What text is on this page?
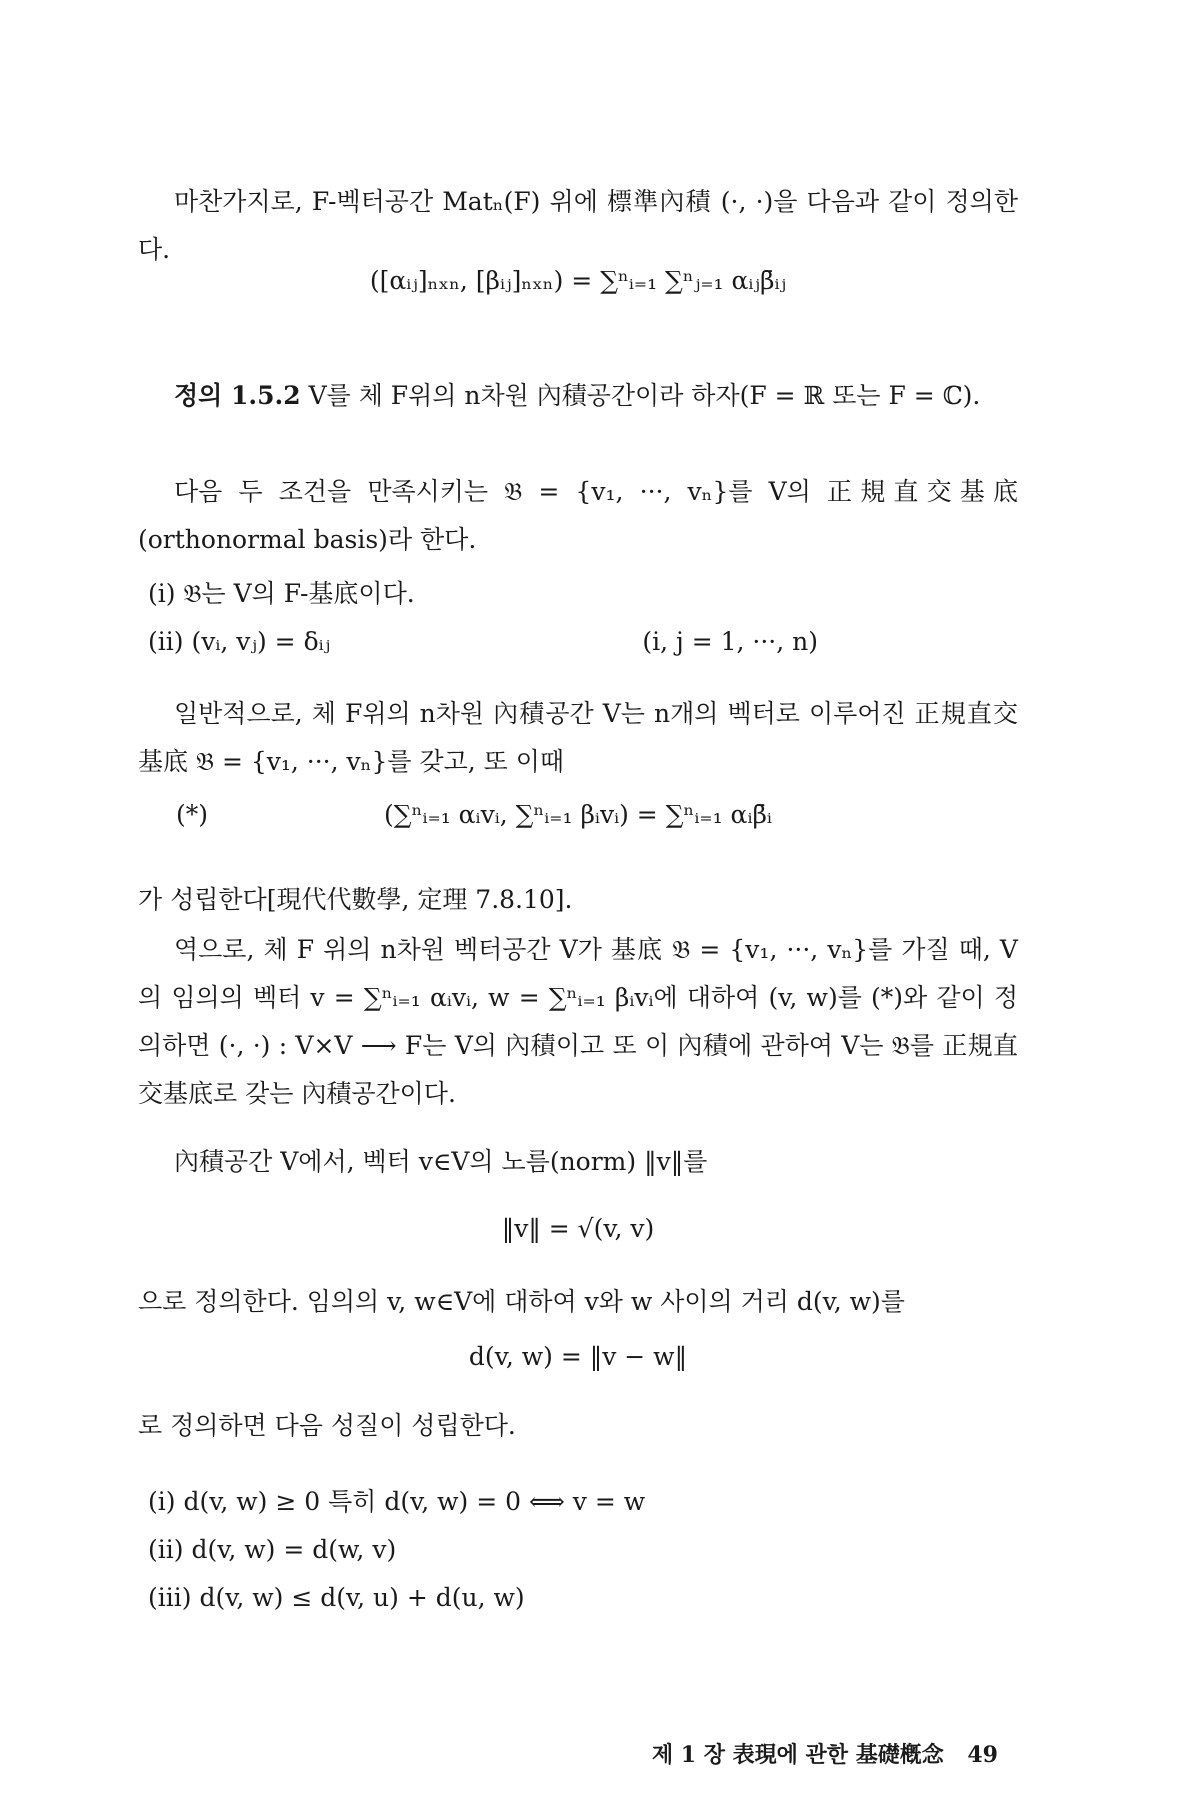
마찬가지로, F-벡터공간 Matₙ(F) 위에 標準內積 (·, ·)을 다음과 같이 정의한다.

([αᵢⱼ]ₙₓₙ, [βᵢⱼ]ₙₓₙ) = ∑ⁿᵢ₌₁ ∑ⁿⱼ₌₁ αᵢⱼβ̄ᵢⱼ

정의 1.5.2 V를 체 F위의 n차원 內積공간이라 하자(F = ℝ 또는 F = ℂ).

다음 두 조건을 만족시키는 𝔅 = {v₁, ···, vₙ}를 V의 正規直交基底(orthonormal basis)라 한다.

(i) 𝔅는 V의 F-基底이다.
(ii) (vᵢ, vⱼ) = δᵢⱼ	(i, j = 1, ···, n)

일반적으로, 체 F위의 n차원 內積공간 V는 n개의 벡터로 이루어진 正規直交基底 𝔅 = {v₁, ···, vₙ}를 갖고, 또 이때

(*)	(∑ⁿᵢ₌₁ αᵢvᵢ, ∑ⁿᵢ₌₁ βᵢvᵢ) = ∑ⁿᵢ₌₁ αᵢβ̄ᵢ

가 성립한다[現代代數學, 定理 7.8.10].

역으로, 체 F 위의 n차원 벡터공간 V가 基底 𝔅 = {v₁, ···, vₙ}를 가질 때, V의 임의의 벡터 v = ∑ⁿᵢ₌₁ αᵢvᵢ, w = ∑ⁿᵢ₌₁ βᵢvᵢ에 대하여 (v, w)를 (*)와 같이 정의하면 (·, ·) : V×V ⟶ F는 V의 內積이고 또 이 內積에 관하여 V는 𝔅를 正規直交基底로 갖는 內積공간이다.

內積공간 V에서, 벡터 v∈V의 노름(norm) ‖v‖를

‖v‖ = √(v, v)

으로 정의한다. 임의의 v, w∈V에 대하여 v와 w 사이의 거리 d(v, w)를

d(v, w) = ‖v − w‖

로 정의하면 다음 성질이 성립한다.

(i) d(v, w) ≥ 0 특히 d(v, w) = 0 ⟺ v = w
(ii) d(v, w) = d(w, v)
(iii) d(v, w) ≤ d(v, u) + d(u, w)
제 1 장 表現에 관한 基礎槪念 49
